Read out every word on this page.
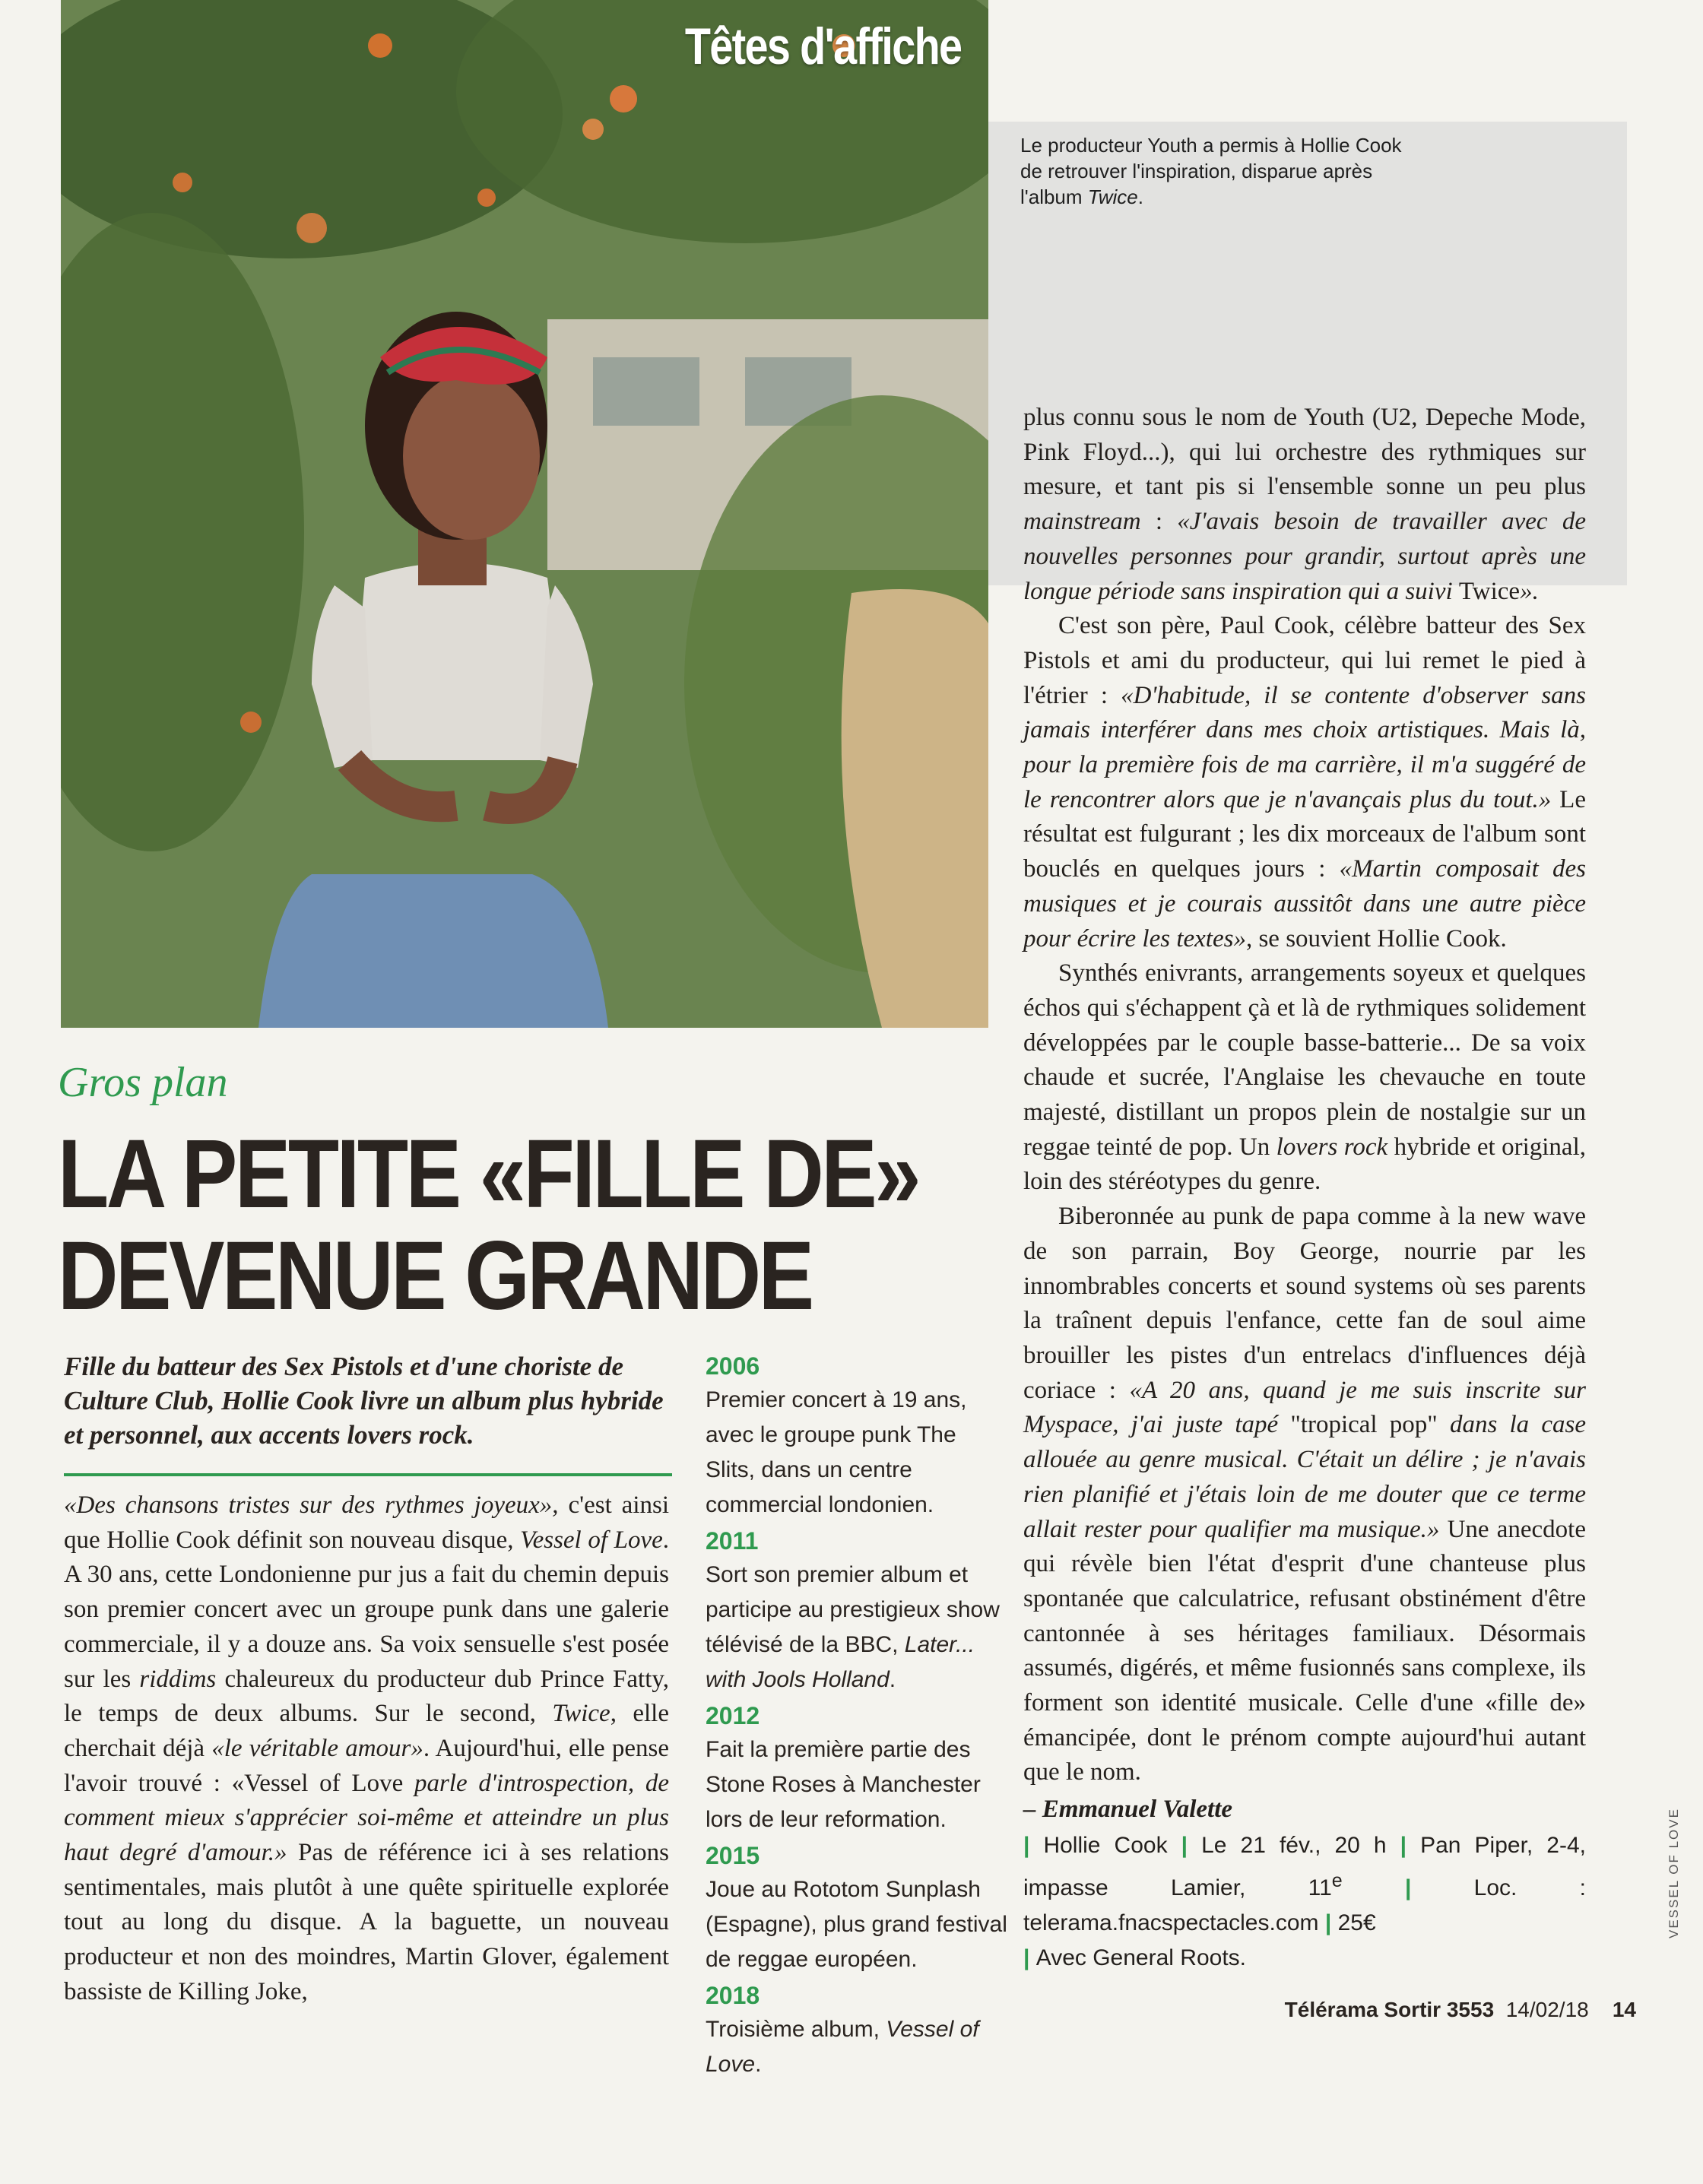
Têtes d'affiche
Le producteur Youth a permis à Hollie Cook de retrouver l'inspiration, disparue après l'album Twice.
Gros plan
LA PETITE «FILLE DE»
DEVENUE GRANDE
Fille du batteur des Sex Pistols et d'une choriste de Culture Club, Hollie Cook livre un album plus hybride et personnel, aux accents lovers rock.
«Des chansons tristes sur des rythmes joyeux», c'est ainsi que Hollie Cook définit son nouveau disque, Vessel of Love. A 30 ans, cette Londonienne pur jus a fait du chemin depuis son premier concert avec un groupe punk dans une galerie commerciale, il y a douze ans. Sa voix sensuelle s'est posée sur les riddims chaleureux du producteur dub Prince Fatty, le temps de deux albums. Sur le second, Twice, elle cherchait déjà «le véritable amour». Aujourd'hui, elle pense l'avoir trouvé : «Vessel of Love parle d'introspection, de comment mieux s'apprécier soi-même et atteindre un plus haut degré d'amour.» Pas de référence ici à ses relations sentimentales, mais plutôt à une quête spirituelle explorée tout au long du disque. A la baguette, un nouveau producteur et non des moindres, Martin Glover, également bassiste de Killing Joke,
2006
Premier concert à 19 ans, avec le groupe punk The Slits, dans un centre commercial londonien.
2011
Sort son premier album et participe au prestigieux show télévisé de la BBC, Later... with Jools Holland.
2012
Fait la première partie des Stone Roses à Manchester lors de leur reformation.
2015
Joue au Rototom Sunplash (Espagne), plus grand festival de reggae européen.
2018
Troisième album, Vessel of Love.

plus connu sous le nom de Youth (U2, Depeche Mode, Pink Floyd...), qui lui orchestre des rythmiques sur mesure, et tant pis si l'ensemble sonne un peu plus mainstream : «J'avais besoin de travailler avec de nouvelles personnes pour grandir, surtout après une longue période sans inspiration qui a suivi Twice».

C'est son père, Paul Cook, célèbre batteur des Sex Pistols et ami du producteur, qui lui remet le pied à l'étrier : «D'habitude, il se contente d'observer sans jamais interférer dans mes choix artistiques. Mais là, pour la première fois de ma carrière, il m'a suggéré de le rencontrer alors que je n'avançais plus du tout.» Le résultat est fulgurant ; les dix morceaux de l'album sont bouclés en quelques jours : «Martin composait des musiques et je courais aussitôt dans une autre pièce pour écrire les textes», se souvient Hollie Cook.

Synthés enivrants, arrangements soyeux et quelques échos qui s'échappent çà et là de rythmiques solidement développées par le couple basse-batterie... De sa voix chaude et sucrée, l'Anglaise les chevauche en toute majesté, distillant un propos plein de nostalgie sur un reggae teinté de pop. Un lovers rock hybride et original, loin des stéréotypes du genre.

Biberonnée au punk de papa comme à la new wave de son parrain, Boy George, nourrie par les innombrables concerts et sound systems où ses parents la traînent depuis l'enfance, cette fan de soul aime brouiller les pistes d'un entrelacs d'influences déjà coriace : «A 20 ans, quand je me suis inscrite sur Myspace, j'ai juste tapé "tropical pop" dans la case allouée au genre musical. C'était un délire ; je n'avais rien planifié et j'étais loin de me douter que ce terme allait rester pour qualifier ma musique.» Une anecdote qui révèle bien l'état d'esprit d'une chanteuse plus spontanée que calculatrice, refusant obstinément d'être cantonnée à ses héritages familiaux. Désormais assumés, digérés, et même fusionnés sans complexe, ils forment son identité musicale. Celle d'une «fille de» émancipée, dont le prénom compte aujourd'hui autant que le nom.

– Emmanuel Valette
| Hollie Cook | Le 21 fév., 20 h | Pan Piper, 2-4, impasse Lamier, 11e | Loc. : telerama.fnacspectacles.com | 25€
| Avec General Roots.
VESSEL OF LOVE
Télérama Sortir 3553 14/02/18 14
